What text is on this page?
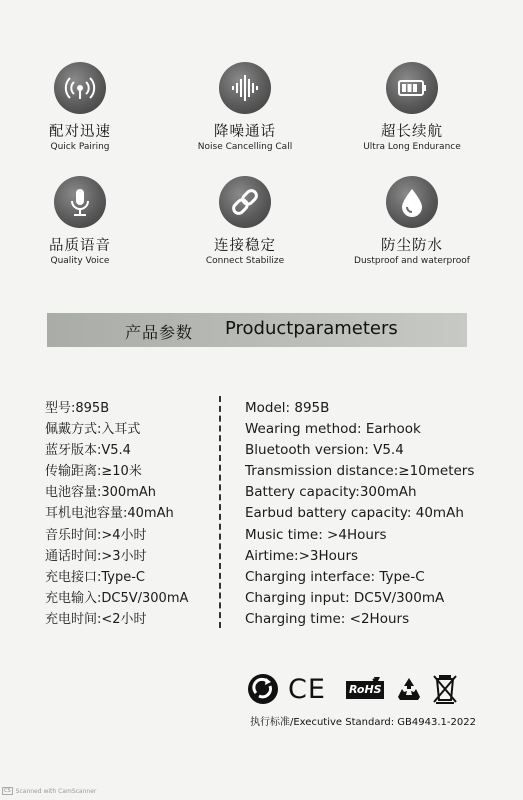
配对迅速
Quick Pairing
降噪通话
Noise Cancelling Call
超长续航
Ultra Long Endurance
品质语音
Quality Voice
连接稳定
Connect Stabilize
防尘防水
Dustproof and waterproof
产品参数 Productparameters
型号:895B
佩戴方式:入耳式
蓝牙版本:V5.4
传输距离:≥10米
电池容量:300mAh
耳机电池容量:40mAh
音乐时间:>4小时
通话时间:>3小时
充电接口:Type-C
充电输入:DC5V/300mA
充电时间:<2小时
Model: 895B
Wearing method: Earhook
Bluetooth version: V5.4
Transmission distance:≥10meters
Battery capacity:300mAh
Earbud battery capacity: 40mAh
Music time: >4Hours
Airtime:>3Hours
Charging interface: Type-C
Charging input: DC5V/300mA
Charging time: <2Hours
CE RoHS
执行标准/Executive Standard: GB4943.1-2022
CS Scanned with CamScanner
